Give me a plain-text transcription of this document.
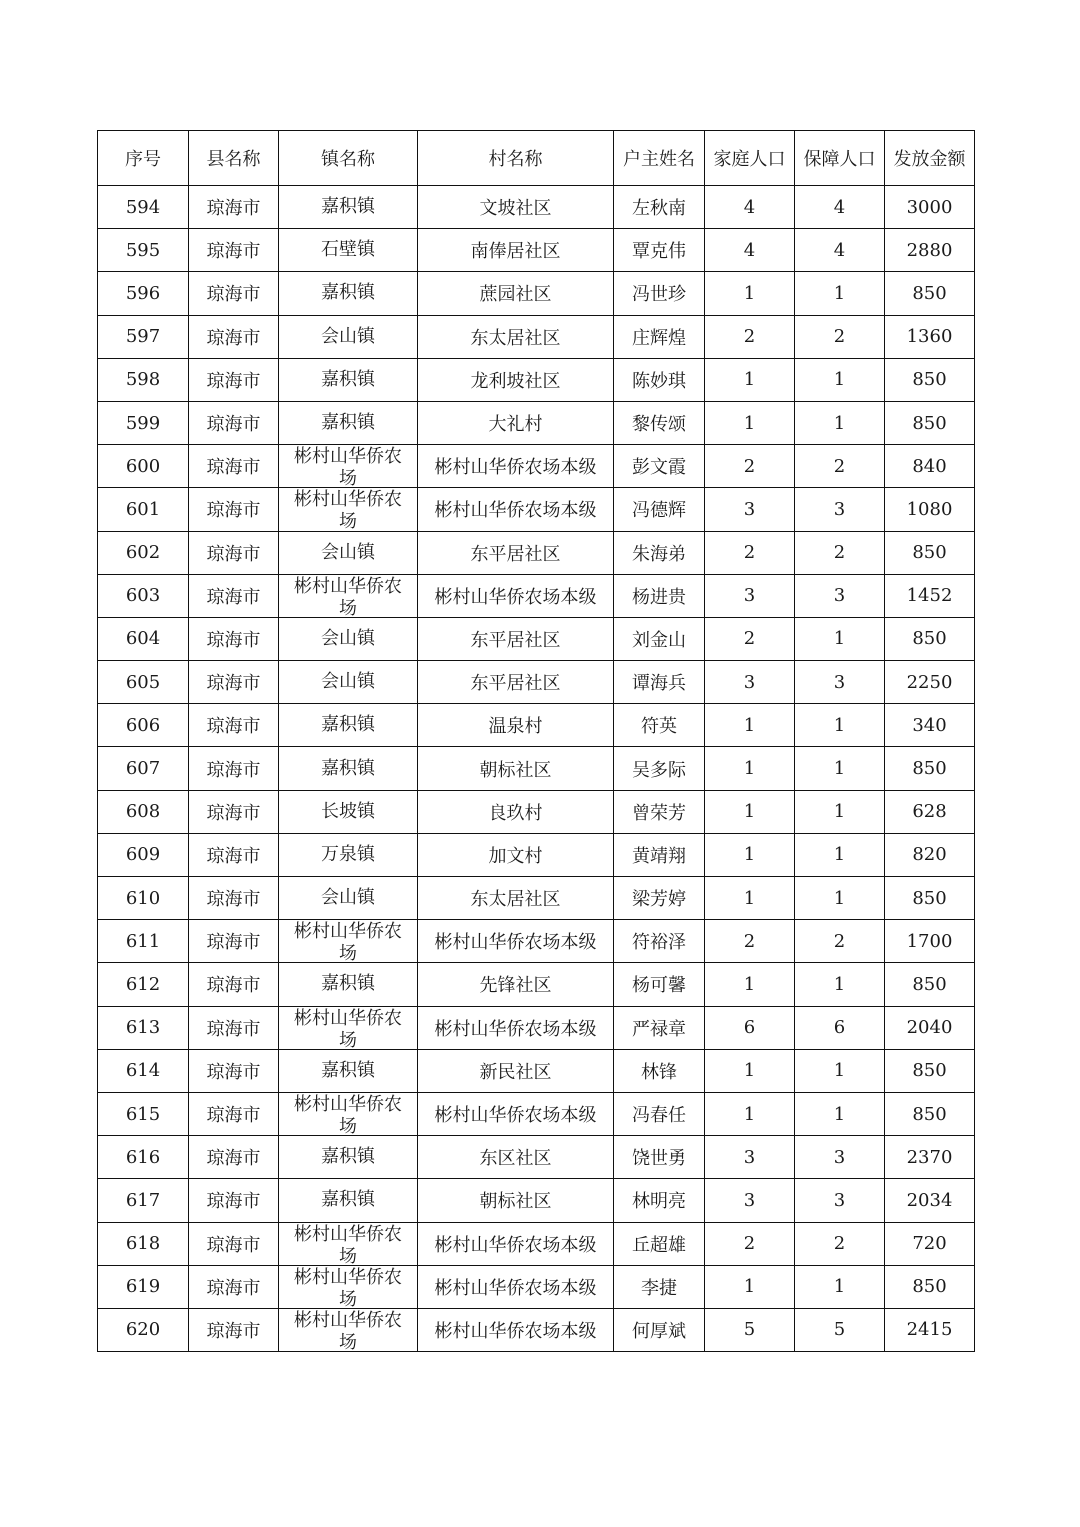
序号	县名称	镇名称	村名称	户主姓名	家庭人口	保障人口	发放金额
594	琼海市	嘉积镇	文坡社区	左秋南	4	4	3000
595	琼海市	石壁镇	南俸居社区	覃克伟	4	4	2880
596	琼海市	嘉积镇	蔗园社区	冯世珍	1	1	850
597	琼海市	会山镇	东太居社区	庄辉煌	2	2	1360
598	琼海市	嘉积镇	龙利坡社区	陈妙琪	1	1	850
599	琼海市	嘉积镇	大礼村	黎传颂	1	1	850
600	琼海市	彬村山华侨农场	彬村山华侨农场本级	彭文霞	2	2	840
601	琼海市	彬村山华侨农场	彬村山华侨农场本级	冯德辉	3	3	1080
602	琼海市	会山镇	东平居社区	朱海弟	2	2	850
603	琼海市	彬村山华侨农场	彬村山华侨农场本级	杨进贵	3	3	1452
604	琼海市	会山镇	东平居社区	刘金山	2	1	850
605	琼海市	会山镇	东平居社区	谭海兵	3	3	2250
606	琼海市	嘉积镇	温泉村	符英	1	1	340
607	琼海市	嘉积镇	朝标社区	吴多际	1	1	850
608	琼海市	长坡镇	良玖村	曾荣芳	1	1	628
609	琼海市	万泉镇	加文村	黄靖翔	1	1	820
610	琼海市	会山镇	东太居社区	梁芳婷	1	1	850
611	琼海市	彬村山华侨农场	彬村山华侨农场本级	符裕泽	2	2	1700
612	琼海市	嘉积镇	先锋社区	杨可馨	1	1	850
613	琼海市	彬村山华侨农场	彬村山华侨农场本级	严禄章	6	6	2040
614	琼海市	嘉积镇	新民社区	林锋	1	1	850
615	琼海市	彬村山华侨农场	彬村山华侨农场本级	冯春任	1	1	850
616	琼海市	嘉积镇	东区社区	饶世勇	3	3	2370
617	琼海市	嘉积镇	朝标社区	林明亮	3	3	2034
618	琼海市	彬村山华侨农场	彬村山华侨农场本级	丘超雄	2	2	720
619	琼海市	彬村山华侨农场	彬村山华侨农场本级	李捷	1	1	850
620	琼海市	彬村山华侨农场	彬村山华侨农场本级	何厚斌	5	5	2415
